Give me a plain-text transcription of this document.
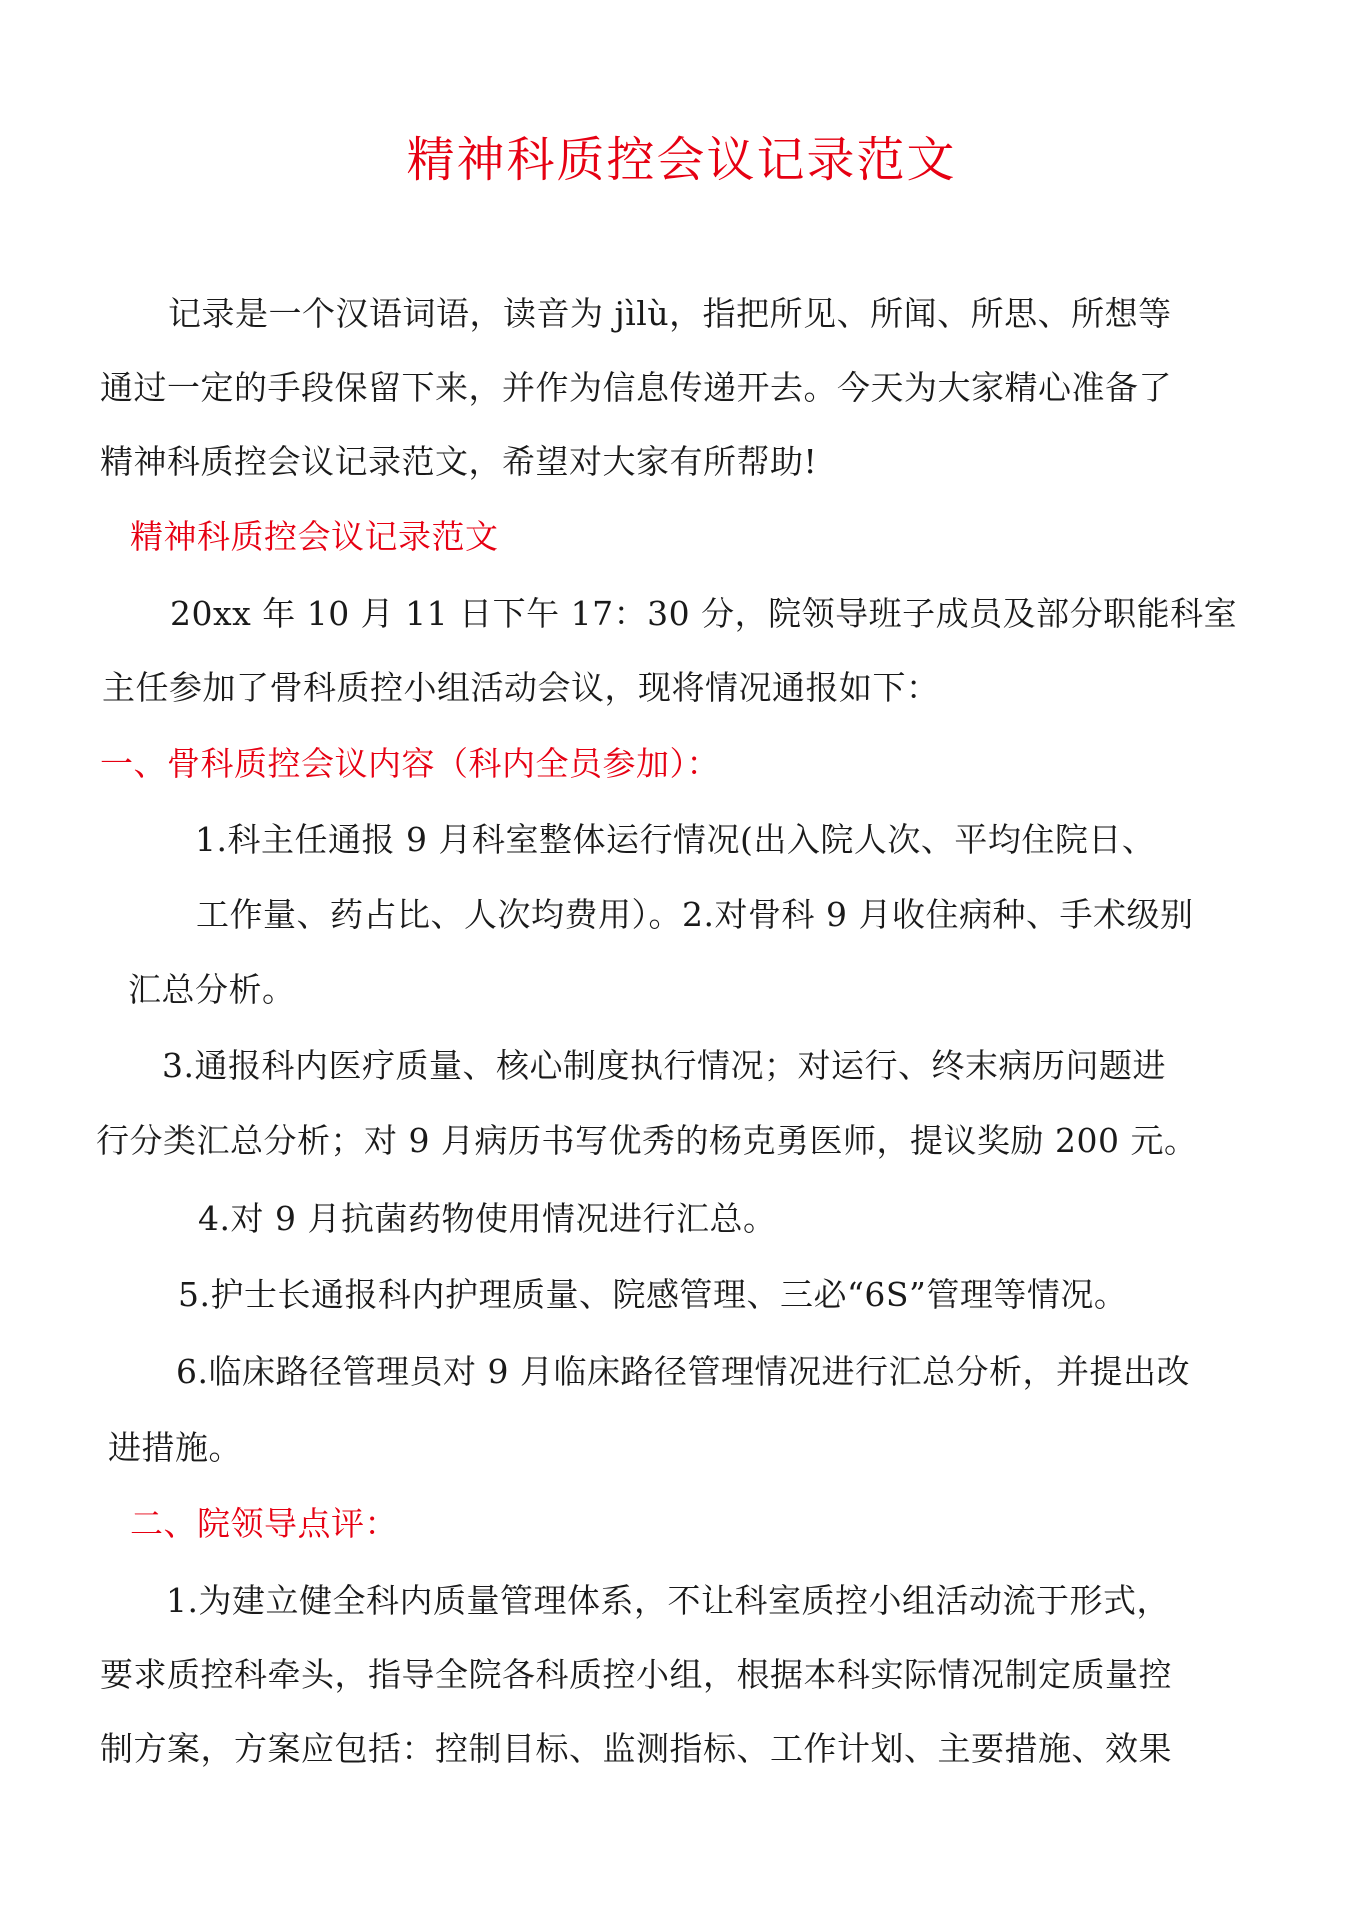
精神科质控会议记录范文
记录是一个汉语词语，读音为 jìlù，指把所见、所闻、所思、所想等
通过一定的手段保留下来，并作为信息传递开去。今天为大家精心准备了
精神科质控会议记录范文，希望对大家有所帮助!
精神科质控会议记录范文
20xx 年 10 月 11 日下午 17：30 分，院领导班子成员及部分职能科室
主任参加了骨科质控小组活动会议，现将情况通报如下：
一、骨科质控会议内容（科内全员参加）：
1.科主任通报 9 月科室整体运行情况(出入院人次、平均住院日、
工作量、药占比、人次均费用）。2.对骨科 9 月收住病种、手术级别
汇总分析。
3.通报科内医疗质量、核心制度执行情况；对运行、终末病历问题进
行分类汇总分析；对 9 月病历书写优秀的杨克勇医师，提议奖励 200 元。
4.对 9 月抗菌药物使用情况进行汇总。
5.护士长通报科内护理质量、院感管理、三必“6S”管理等情况。
6.临床路径管理员对 9 月临床路径管理情况进行汇总分析，并提出改
进措施。
二、院领导点评：
1.为建立健全科内质量管理体系，不让科室质控小组活动流于形式，
要求质控科牵头，指导全院各科质控小组，根据本科实际情况制定质量控
制方案，方案应包括：控制目标、监测指标、工作计划、主要措施、效果
